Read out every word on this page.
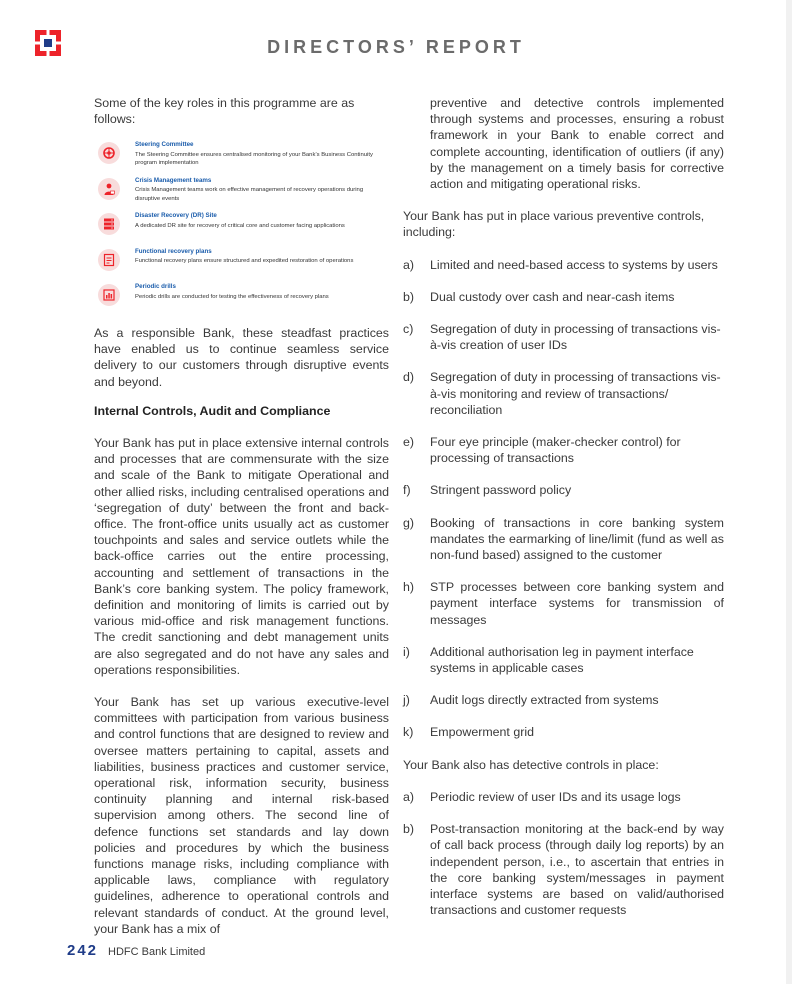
DIRECTORS’ REPORT

Some of the key roles in this programme are as follows:

Steering Committee
The Steering Committee ensures centralised monitoring of your Bank’s Business Continuity program implementation
Crisis Management teams
Crisis Management teams work on effective management of recovery operations during disruptive events
Disaster Recovery (DR) Site
A dedicated DR site for recovery of critical core and customer facing applications
Functional recovery plans
Functional recovery plans ensure structured and expedited restoration of operations
Periodic drills
Periodic drills are conducted for testing the effectiveness of recovery plans

As a responsible Bank, these steadfast practices have enabled us to continue seamless service delivery to our customers through disruptive events and beyond.

Internal Controls, Audit and Compliance

Your Bank has put in place extensive internal controls and processes that are commensurate with the size and scale of the Bank to mitigate Operational and other allied risks, including centralised operations and ‘segregation of duty’ between the front and back-office. The front-office units usually act as customer touchpoints and sales and service outlets while the back-office carries out the entire processing, accounting and settlement of transactions in the Bank’s core banking system. The policy framework, definition and monitoring of limits is carried out by various mid-office and risk management functions. The credit sanctioning and debt management units are also segregated and do not have any sales and operations responsibilities.

Your Bank has set up various executive-level committees with participation from various business and control functions that are designed to review and oversee matters pertaining to capital, assets and liabilities, business practices and customer service, operational risk, information security, business continuity planning and internal risk-based supervision among others. The second line of defence functions set standards and lay down policies and procedures by which the business functions manage risks, including compliance with applicable laws, compliance with regulatory guidelines, adherence to operational controls and relevant standards of conduct. At the ground level, your Bank has a mix of

preventive and detective controls implemented through systems and processes, ensuring a robust framework in your Bank to enable correct and complete accounting, identification of outliers (if any) by the management on a timely basis for corrective action and mitigating operational risks.

Your Bank has put in place various preventive controls, including:

a)	Limited and need-based access to systems by users
b)	Dual custody over cash and near-cash items
c)	Segregation of duty in processing of transactions vis-à-vis creation of user IDs
d)	Segregation of duty in processing of transactions vis-à-vis monitoring and review of transactions/ reconciliation
e)	Four eye principle (maker-checker control) for processing of transactions
f)	Stringent password policy
g)	Booking of transactions in core banking system mandates the earmarking of line/limit (fund as well as non-fund based) assigned to the customer
h)	STP processes between core banking system and payment interface systems for transmission of messages
i)	Additional authorisation leg in payment interface systems in applicable cases
j)	Audit logs directly extracted from systems
k)	Empowerment grid

Your Bank also has detective controls in place:

a)	Periodic review of user IDs and its usage logs
b)	Post-transaction monitoring at the back-end by way of call back process (through daily log reports) by an independent person, i.e., to ascertain that entries in the core banking system/messages in payment interface systems are based on valid/authorised transactions and customer requests
242 HDFC Bank Limited
